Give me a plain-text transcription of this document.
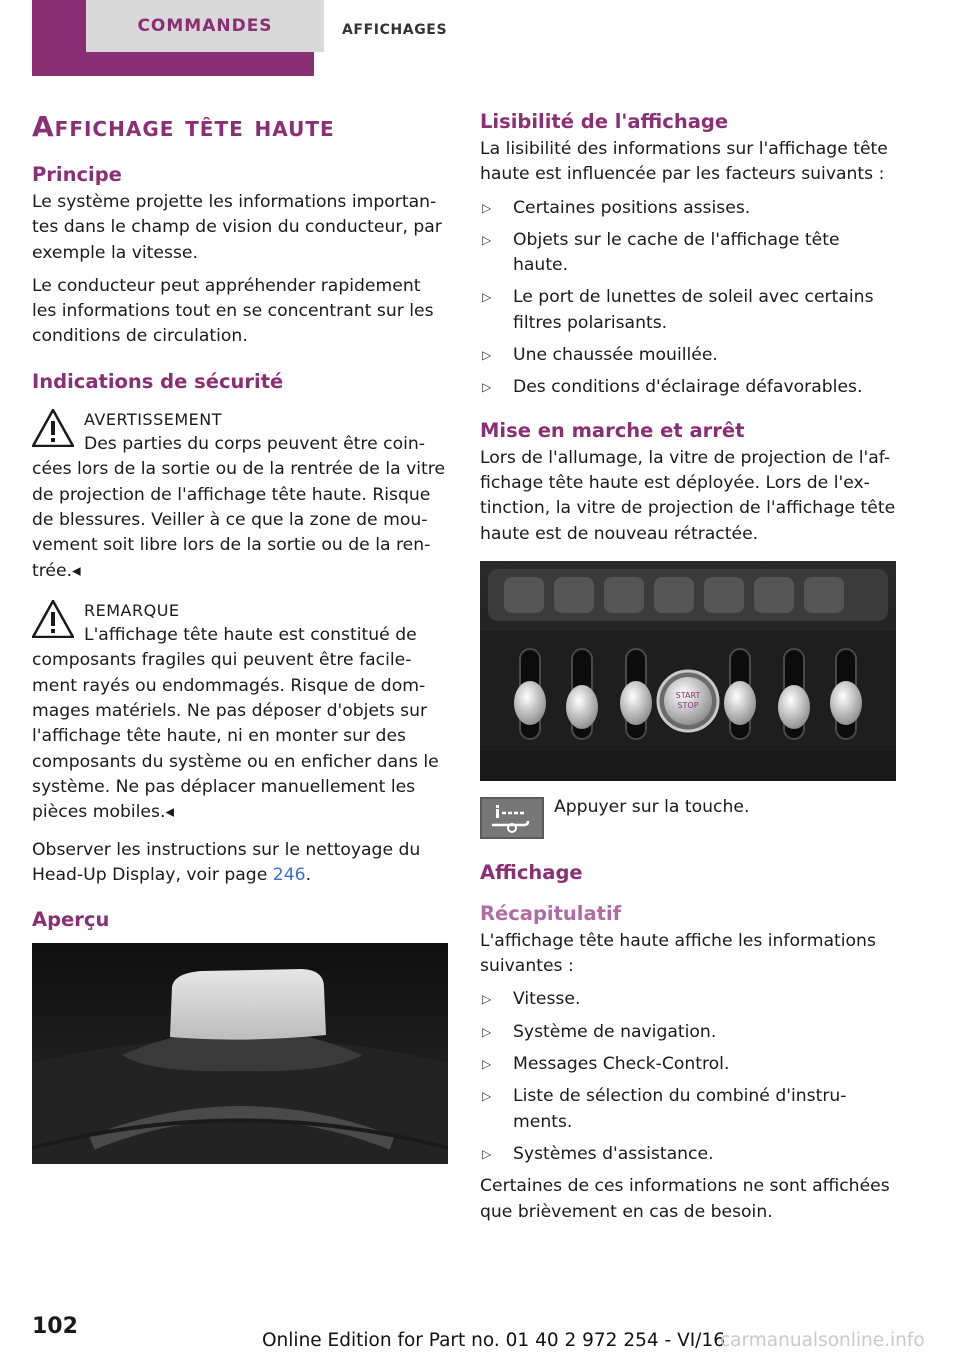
COMMANDES	AFFICHAGES
Affichage tête haute
Principe

Le système projette les informations importan-tes dans le champ de vision du conducteur, par exemple la vitesse.

Le conducteur peut appréhender rapidement les informations tout en se concentrant sur les conditions de circulation.

Indications de sécurité
AVERTISSEMENT

Des parties du corps peuvent être coin-cées lors de la sortie ou de la rentrée de la vitre de projection de l'affichage tête haute. Risque de blessures. Veiller à ce que la zone de mou-vement soit libre lors de la sortie ou de la ren-trée.◂

REMARQUE

L'affichage tête haute est constitué de composants fragiles qui peuvent être facile-ment rayés ou endommagés. Risque de dom-mages matériels. Ne pas déposer d'objets sur l'affichage tête haute, ni en monter sur des composants du système ou en enficher dans le système. Ne pas déplacer manuellement les pièces mobiles.◂

Observer les instructions sur le nettoyage du Head-Up Display, voir page 246.

Aperçu
Lisibilité de l'affichage

La lisibilité des informations sur l'affichage tête haute est influencée par les facteurs suivants :

▷ Certaines positions assises.
▷ Objets sur le cache de l'affichage tête haute.
▷ Le port de lunettes de soleil avec certains filtres polarisants.
▷ Une chaussée mouillée.
▷ Des conditions d'éclairage défavorables.
Mise en marche et arrêt

Lors de l'allumage, la vitre de projection de l'af-fichage tête haute est déployée. Lors de l'ex-tinction, la vitre de projection de l'affichage tête haute est de nouveau rétractée.

START
STOP
Appuyer sur la touche.
Affichage
Récapitulatif

L'affichage tête haute affiche les informations suivantes :

▷ Vitesse.
▷ Système de navigation.
▷ Messages Check-Control.
▷ Liste de sélection du combiné d'instru-ments.
▷ Systèmes d'assistance.

Certaines de ces informations ne sont affichées que brièvement en cas de besoin.

102
Online Edition for Part no. 01 40 2 972 254 - VI/16
carmanualsonline.info
